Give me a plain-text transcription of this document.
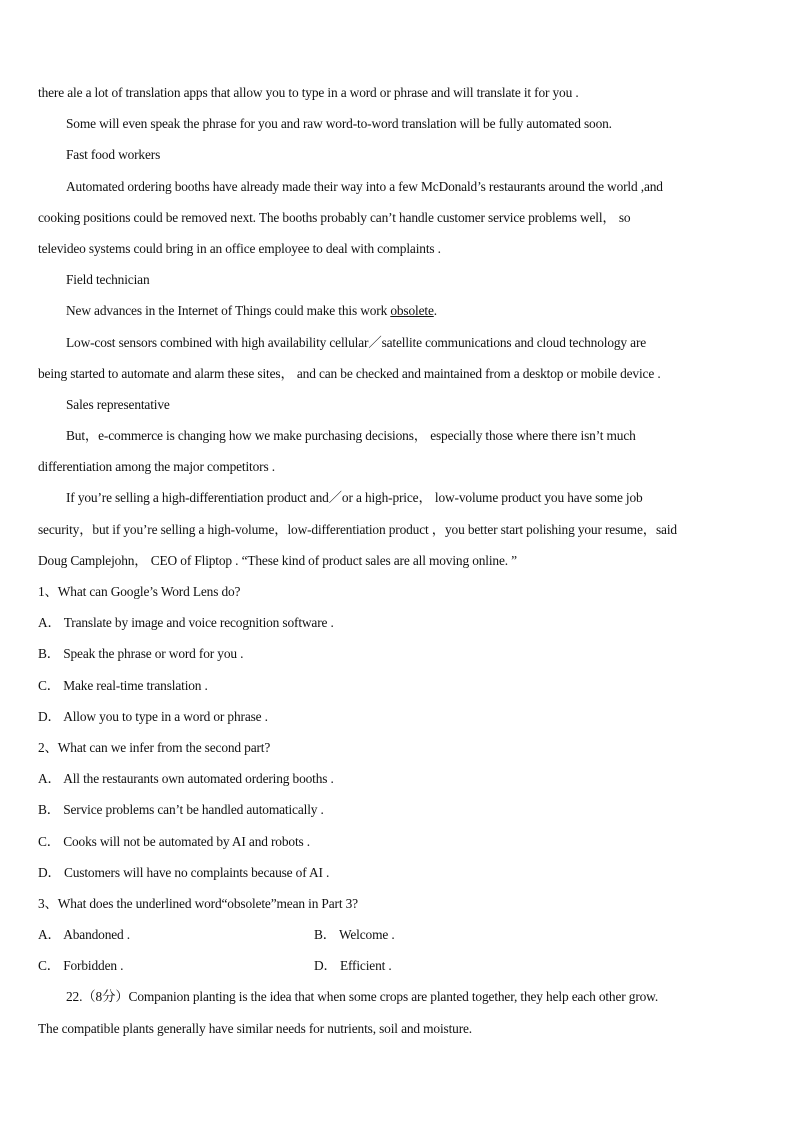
there ale a lot of translation apps that allow you to type in a word or phrase and will translate it for you .
Some will even speak the phrase for you and raw word-to-word translation will be fully automated soon.
Fast food workers
Automated ordering booths have already made their way into a few McDonald’s restaurants around the world ,and
cooking positions could be removed next. The booths probably can’t handle customer service problems well， so
televideo systems could bring in an office employee to deal with complaints .
Field technician
New advances in the Internet of Things could make this work obsolete.
Low-cost sensors combined with high availability cellular／satellite communications and cloud technology are
being started to automate and alarm these sites， and can be checked and maintained from a desktop or mobile device .
Sales representative
But，e-commerce is changing how we make purchasing decisions， especially those where there isn’t much
differentiation among the major competitors .
If you’re selling a high-differentiation product and／or a high-price， low-volume product you have some job
security，but if you’re selling a high-volume，low-differentiation product ，you better start polishing your resume，said
Doug Camplejohn， CEO of Fliptop . “These kind of product sales are all moving online. ”
1、What can Google’s Word Lens do?
A． Translate by image and voice recognition software .
B． Speak the phrase or word for you .
C． Make real-time translation .
D． Allow you to type in a word or phrase .
2、What can we infer from the second part?
A． All the restaurants own automated ordering booths .
B． Service problems can’t be handled automatically .
C． Cooks will not be automated by AI and robots .
D． Customers will have no complaints because of AI .
3、What does the underlined word“obsolete”mean in Part 3?
A． Abandoned .	B． Welcome .
C． Forbidden .	D． Efficient .
22.（8分）Companion planting is the idea that when some crops are planted together, they help each other grow.
The compatible plants generally have similar needs for nutrients, soil and moisture.
